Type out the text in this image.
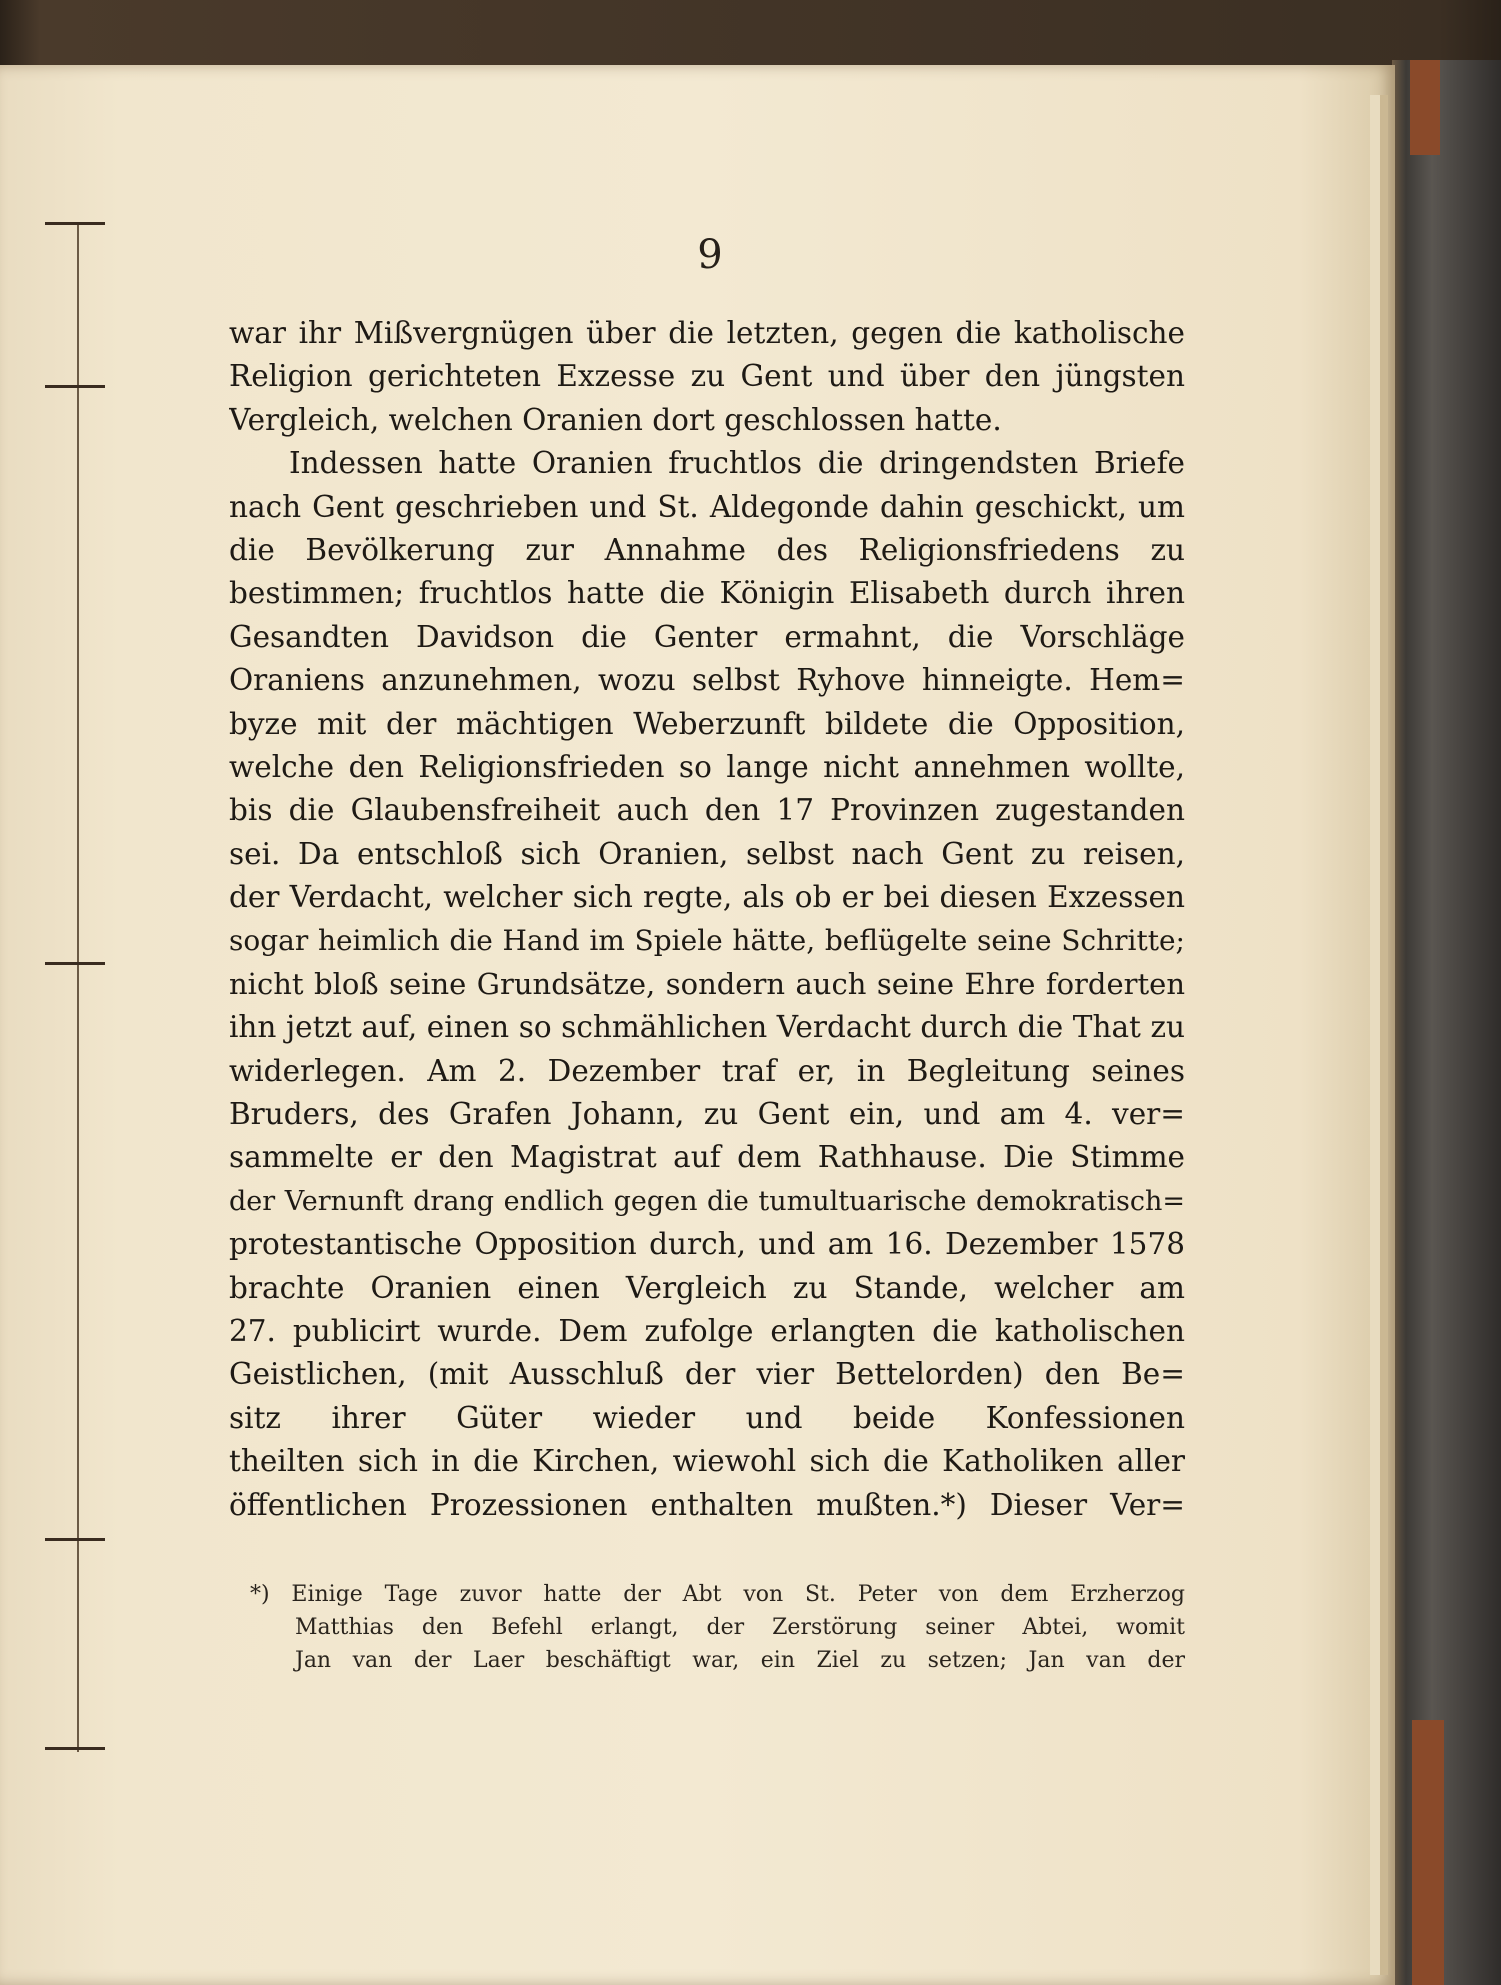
9
war ihr Mißvergnügen über die letzten, gegen die katholische
Religion gerichteten Exzesse zu Gent und über den jüngsten
Vergleich, welchen Oranien dort geschlossen hatte.
Indessen hatte Oranien fruchtlos die dringendsten Briefe
nach Gent geschrieben und St. Aldegonde dahin geschickt, um
die Bevölkerung zur Annahme des Religionsfriedens zu
bestimmen; fruchtlos hatte die Königin Elisabeth durch ihren
Gesandten Davidson die Genter ermahnt, die Vorschläge
Oraniens anzunehmen, wozu selbst Ryhove hinneigte. Hem=
byze mit der mächtigen Weberzunft bildete die Opposition,
welche den Religionsfrieden so lange nicht annehmen wollte,
bis die Glaubensfreiheit auch den 17 Provinzen zugestanden
sei. Da entschloß sich Oranien, selbst nach Gent zu reisen,
der Verdacht, welcher sich regte, als ob er bei diesen Exzessen
sogar heimlich die Hand im Spiele hätte, beflügelte seine Schritte;
nicht bloß seine Grundsätze, sondern auch seine Ehre forderten
ihn jetzt auf, einen so schmählichen Verdacht durch die That zu
widerlegen. Am 2. Dezember traf er, in Begleitung seines
Bruders, des Grafen Johann, zu Gent ein, und am 4. ver=
sammelte er den Magistrat auf dem Rathhause. Die Stimme
der Vernunft drang endlich gegen die tumultuarische demokratisch=
protestantische Opposition durch, und am 16. Dezember 1578
brachte Oranien einen Vergleich zu Stande, welcher am
27. publicirt wurde. Dem zufolge erlangten die katholischen
Geistlichen, (mit Ausschluß der vier Bettelorden) den Be=
sitz ihrer Güter wieder und beide Konfessionen
theilten sich in die Kirchen, wiewohl sich die Katholiken aller
öffentlichen Prozessionen enthalten mußten.*) Dieser Ver=
*) Einige Tage zuvor hatte der Abt von St. Peter von dem Erzherzog
Matthias den Befehl erlangt, der Zerstörung seiner Abtei, womit
Jan van der Laer beschäftigt war, ein Ziel zu setzen; Jan van der
